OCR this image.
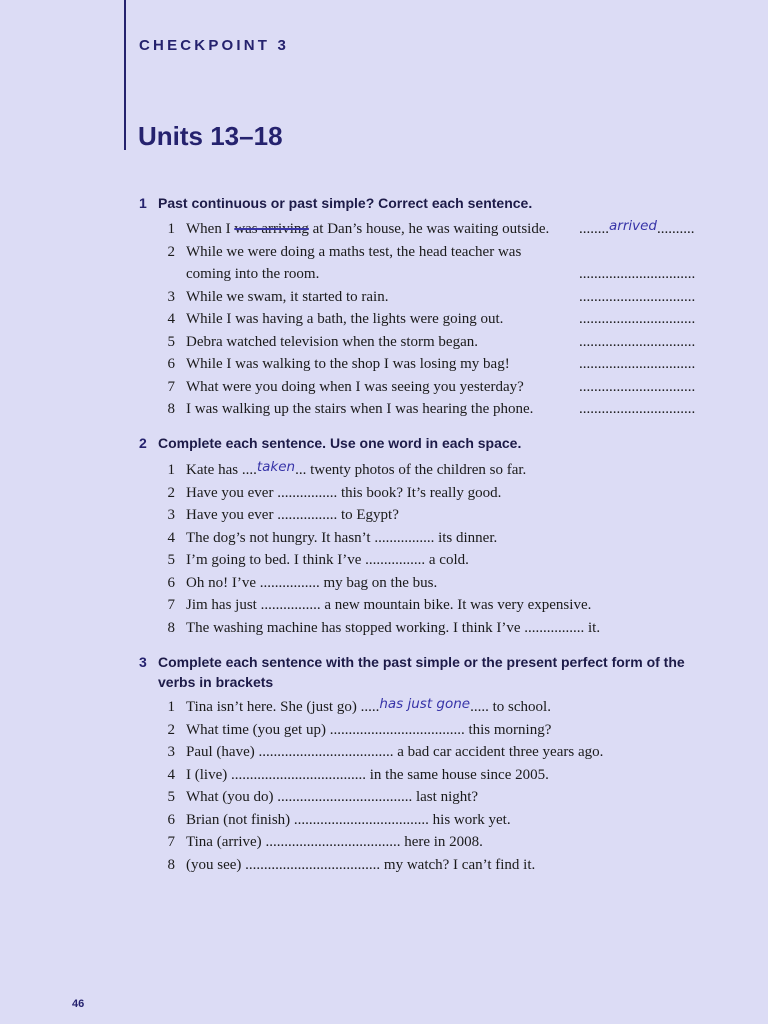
CHECKPOINT 3
Units 13–18
1 Past continuous or past simple? Correct each sentence.
1 When I was arriving at Dan’s house, he was waiting outside. ........arrived..........
2 While we were doing a maths test, the head teacher was
coming into the room.	...............................
3 While we swam, it started to rain.	...............................
4 While I was having a bath, the lights were going out.	...............................
5 Debra watched television when the storm began.	...............................
6 While I was walking to the shop I was losing my bag!	...............................
7 What were you doing when I was seeing you yesterday?	...............................
8 I was walking up the stairs when I was hearing the phone.	...............................
2 Complete each sentence. Use one word in each space.
1 Kate has ....taken... twenty photos of the children so far.
2 Have you ever ................ this book? It’s really good.
3 Have you ever ................ to Egypt?
4 The dog’s not hungry. It hasn’t ................ its dinner.
5 I’m going to bed. I think I’ve ................ a cold.
6 Oh no! I’ve ................ my bag on the bus.
7 Jim has just ................ a new mountain bike. It was very expensive.
8 The washing machine has stopped working. I think I’ve ................ it.
3 Complete each sentence with the past simple or the present perfect form of the
verbs in brackets
1 Tina isn’t here. She (just go) .....has just gone..... to school.
2 What time (you get up) .................................... this morning?
3 Paul (have) .................................... a bad car accident three years ago.
4 I (live) .................................... in the same house since 2005.
5 What (you do) .................................... last night?
6 Brian (not finish) .................................... his work yet.
7 Tina (arrive) .................................... here in 2008.
8 (you see) .................................... my watch? I can’t find it.
46
